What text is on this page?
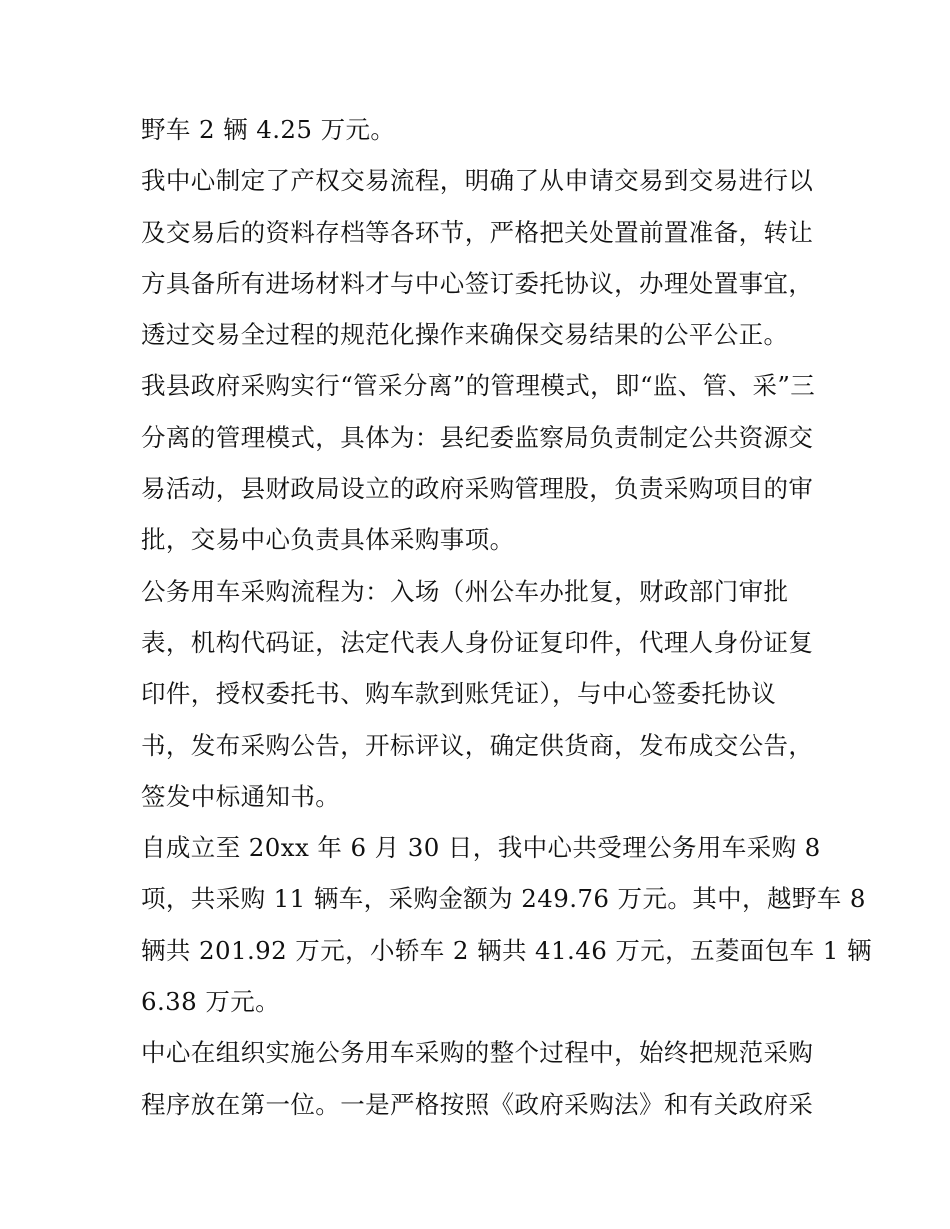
野车 2 辆 4.25 万元。
我中心制定了产权交易流程，明确了从申请交易到交易进行以
及交易后的资料存档等各环节，严格把关处置前置准备，转让
方具备所有进场材料才与中心签订委托协议，办理处置事宜，
透过交易全过程的规范化操作来确保交易结果的公平公正。
我县政府采购实行“管采分离”的管理模式，即“监、管、采”三
分离的管理模式，具体为：县纪委监察局负责制定公共资源交
易活动，县财政局设立的政府采购管理股，负责采购项目的审
批，交易中心负责具体采购事项。
公务用车采购流程为：入场（州公车办批复，财政部门审批
表，机构代码证，法定代表人身份证复印件，代理人身份证复
印件，授权委托书、购车款到账凭证），与中心签委托协议
书，发布采购公告，开标评议，确定供货商，发布成交公告，
签发中标通知书。
自成立至 20xx 年 6 月 30 日，我中心共受理公务用车采购 8
项，共采购 11 辆车，采购金额为 249.76 万元。其中，越野车 8
辆共 201.92 万元，小轿车 2 辆共 41.46 万元，五菱面包车 1 辆
6.38 万元。
中心在组织实施公务用车采购的整个过程中，始终把规范采购
程序放在第一位。一是严格按照《政府采购法》和有关政府采
